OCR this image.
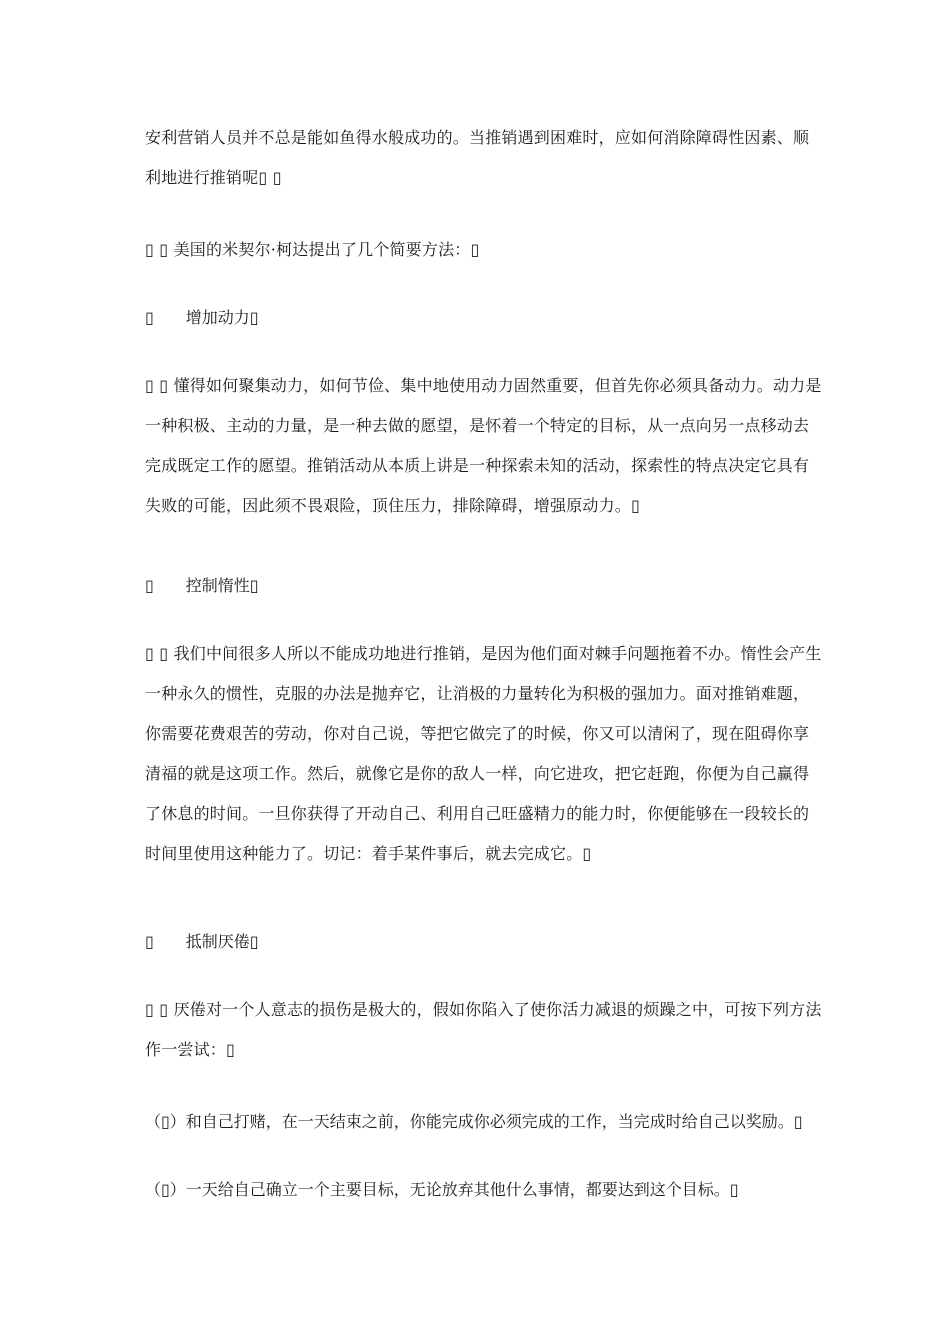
安利营销人员并不总是能如鱼得水般成功的。当推销遇到困难时，应如何消除障碍性因素、顺利地进行推销呢▯ ▯
▯ ▯ 美国的米契尔·柯达提出了几个简要方法：▯
▯　　增加动力▯
▯ ▯ 懂得如何聚集动力，如何节俭、集中地使用动力固然重要，但首先你必须具备动力。动力是一种积极、主动的力量，是一种去做的愿望，是怀着一个特定的目标，从一点向另一点移动去完成既定工作的愿望。推销活动从本质上讲是一种探索未知的活动，探索性的特点决定它具有失败的可能，因此须不畏艰险，顶住压力，排除障碍，增强原动力。▯
▯　　控制惰性▯
▯ ▯ 我们中间很多人所以不能成功地进行推销，是因为他们面对棘手问题拖着不办。惰性会产生一种永久的惯性，克服的办法是抛弃它，让消极的力量转化为积极的强加力。面对推销难题，你需要花费艰苦的劳动，你对自己说，等把它做完了的时候，你又可以清闲了，现在阻碍你享清福的就是这项工作。然后，就像它是你的敌人一样，向它进攻，把它赶跑，你便为自己赢得了休息的时间。一旦你获得了开动自己、利用自己旺盛精力的能力时，你便能够在一段较长的时间里使用这种能力了。切记：着手某件事后，就去完成它。▯
▯　　抵制厌倦▯
▯ ▯ 厌倦对一个人意志的损伤是极大的，假如你陷入了使你活力减退的烦躁之中，可按下列方法作一尝试：▯
（▯）和自己打赌，在一天结束之前，你能完成你必须完成的工作，当完成时给自己以奖励。▯
（▯）一天给自己确立一个主要目标，无论放弃其他什么事情，都要达到这个目标。▯
